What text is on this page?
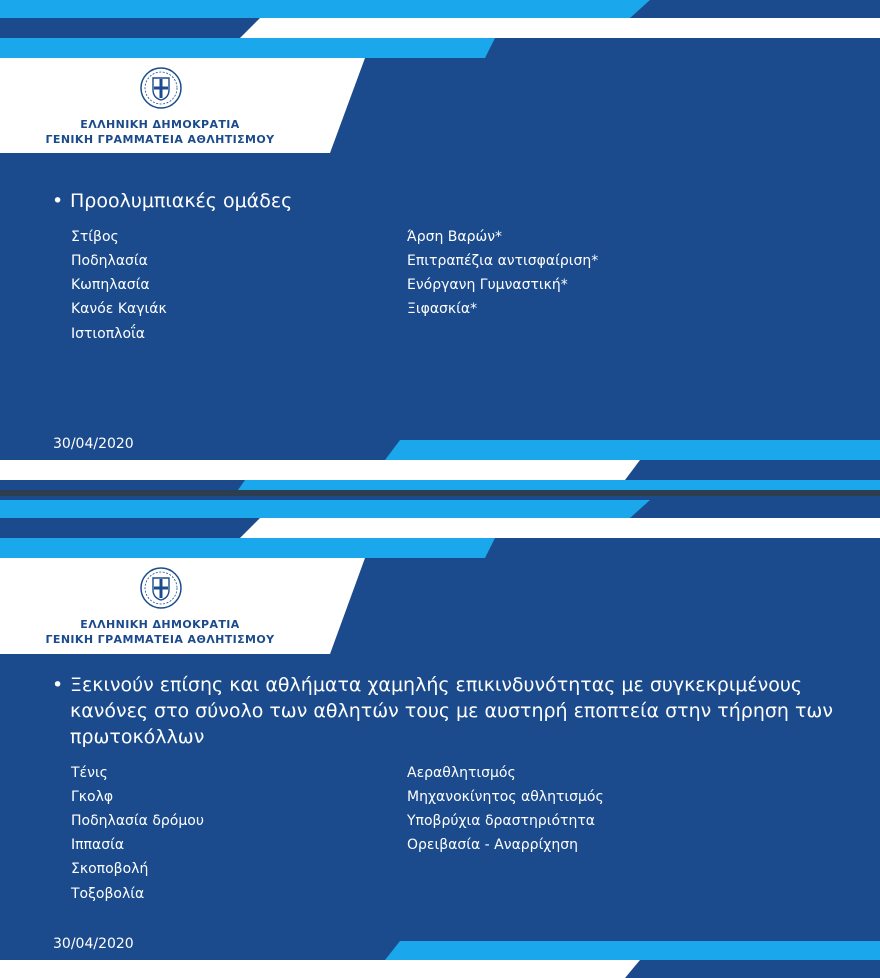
ΕΛΛΗΝΙΚΗ ΔΗΜΟΚΡΑΤΙΑ
ΓΕΝΙΚΗ ΓΡΑΜΜΑΤΕΙΑ ΑΘΛΗΤΙΣΜΟΥ
• Προολυμπιακές ομάδες
Στίβος
Ποδηλασία
Κωπηλασία
Κανόε Καγιάκ
Ιστιοπλοΐα
Άρση Βαρών*
Επιτραπέζια αντισφαίριση*
Ενόργανη Γυμναστική*
Ξιφασκία*
30/04/2020
ΕΛΛΗΝΙΚΗ ΔΗΜΟΚΡΑΤΙΑ
ΓΕΝΙΚΗ ΓΡΑΜΜΑΤΕΙΑ ΑΘΛΗΤΙΣΜΟΥ
• Ξεκινούν επίσης και αθλήματα χαμηλής επικινδυνότητας με συγκεκριμένους κανόνες στο σύνολο των αθλητών τους με αυστηρή εποπτεία στην τήρηση των πρωτοκόλλων
Τένις
Γκολφ
Ποδηλασία δρόμου
Ιππασία
Σκοποβολή
Τοξοβολία
Αεραθλητισμός
Μηχανοκίνητος αθλητισμός
Υποβρύχια δραστηριότητα
Ορειβασία - Αναρρίχηση
30/04/2020
